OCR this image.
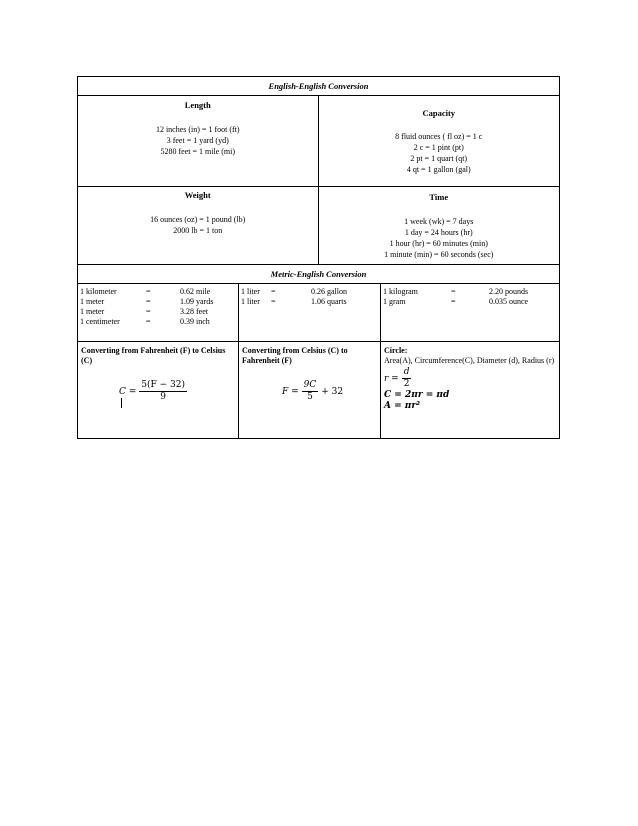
English-English Conversion
Length
12 inches (in) = 1 foot (ft)
3 feet = 1 yard (yd)
5280 feet = 1 mile (mi)
Capacity
8 fluid ounces ( fl oz) = 1 c
2 c = 1 pint (pt)
2 pt = 1 quart (qt)
4 qt = 1 gallon (gal)
Weight
16 ounces (oz) = 1 pound (lb)
2000 lb = 1 ton
Time
1 week (wk) = 7 days
1 day = 24 hours (hr)
1 hour (hr) = 60 minutes (min)
1 minute (min) = 60 seconds (sec)
Metric-English Conversion
1 kilometer	=	0.62 mile
1 meter	=	1.09 yards
1 meter	=	3.28 feet
1 centimeter	=	0.39 inch
1 liter	=	0.26 gallon
1 liter	=	1.06 quarts
1 kilogram	=	2.20 pounds
1 gram	=	0.035 ounce
Converting from Fahrenheit (F) to Celsius (C)
$C = \frac{5(F - 32)}{9}$
Converting from Celsius (C) to Fahrenheit (F)
$F = \frac{9C}{5} + 32$
Circle:
Area(A), Circumference(C), Diameter (d), Radius (r)
$r = \frac{d}{2}$
C = 2πr = πd
A = πr²
